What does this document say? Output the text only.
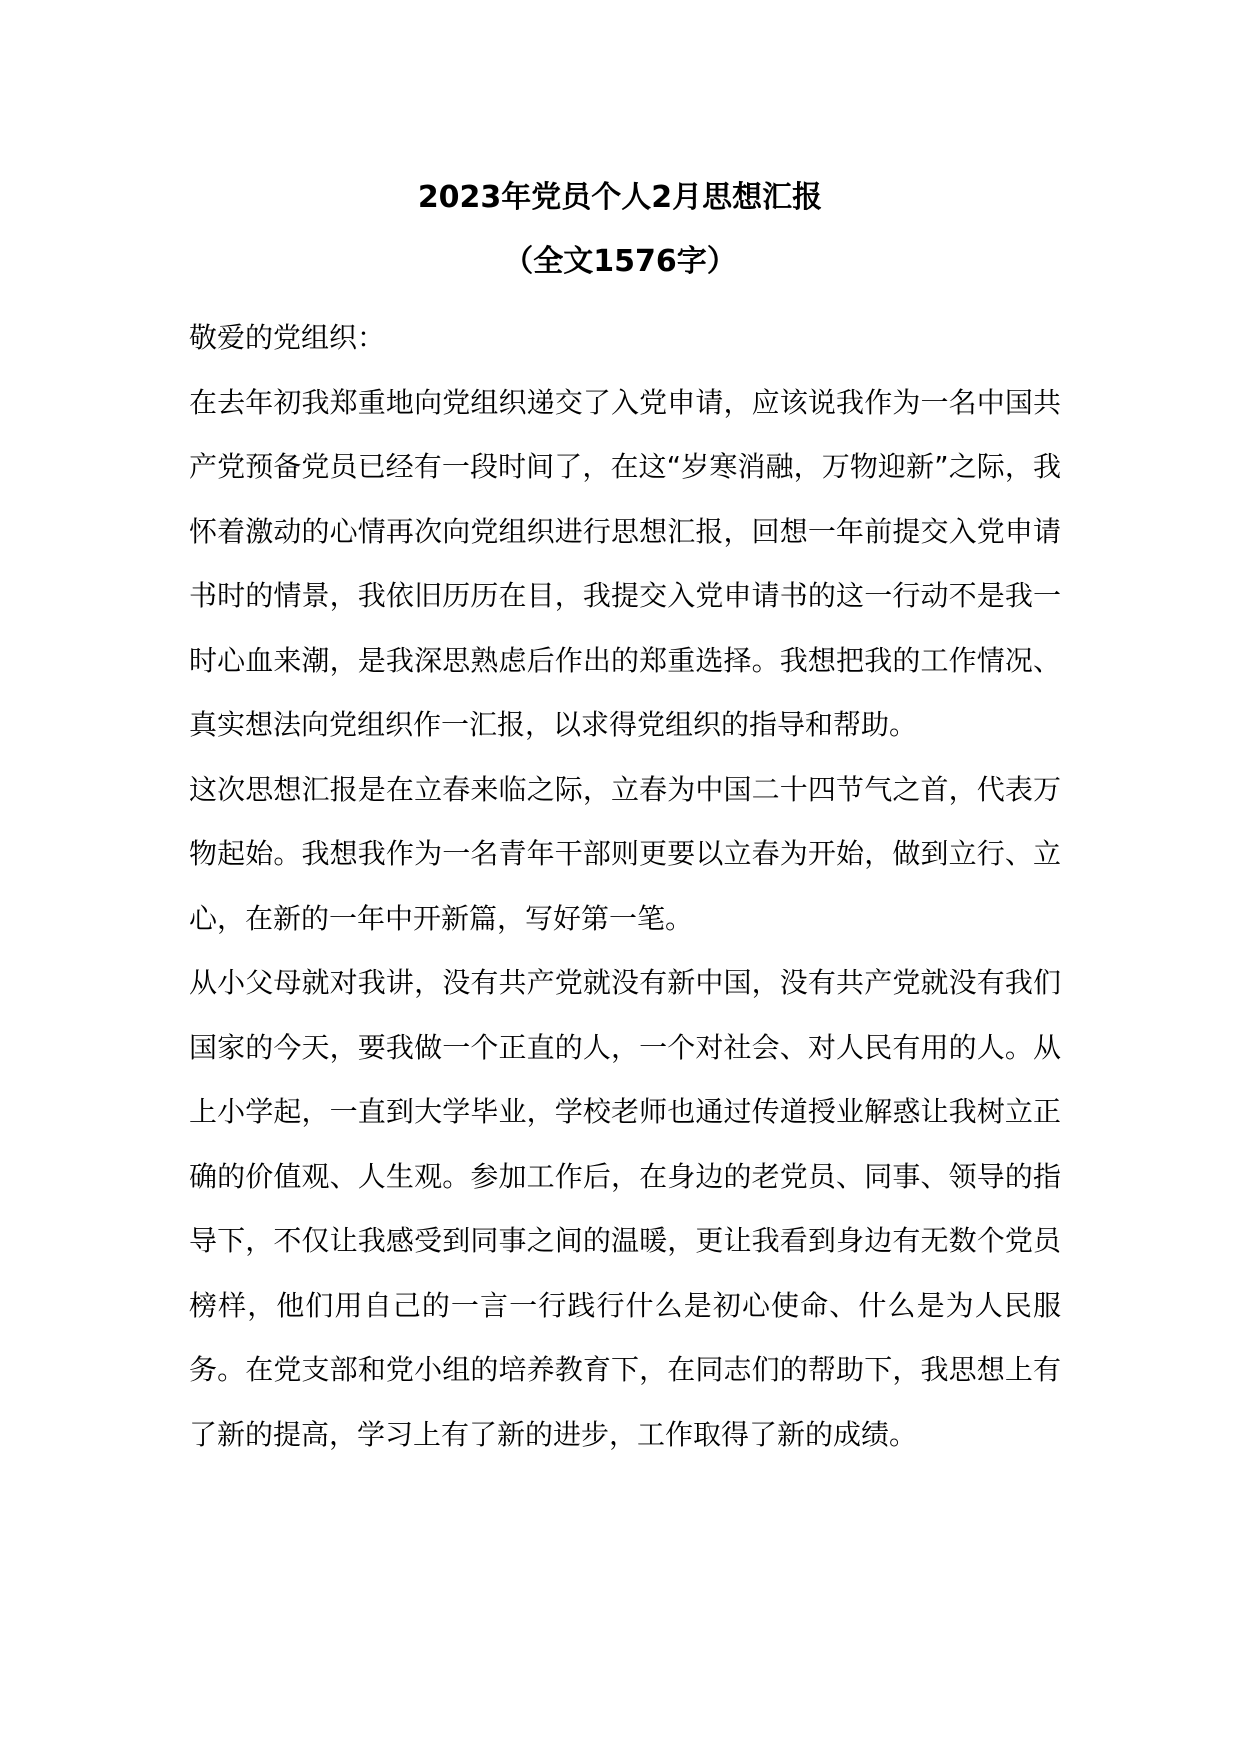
2023年党员个人2月思想汇报
（全文1576字）

敬爱的党组织：

在去年初我郑重地向党组织递交了入党申请，应该说我作为一名中国共产党预备党员已经有一段时间了，在这“岁寒消融，万物迎新”之际，我怀着激动的心情再次向党组织进行思想汇报，回想一年前提交入党申请书时的情景，我依旧历历在目，我提交入党申请书的这一行动不是我一时心血来潮，是我深思熟虑后作出的郑重选择。我想把我的工作情况、真实想法向党组织作一汇报，以求得党组织的指导和帮助。

这次思想汇报是在立春来临之际，立春为中国二十四节气之首，代表万物起始。我想我作为一名青年干部则更要以立春为开始，做到立行、立心，在新的一年中开新篇，写好第一笔。

从小父母就对我讲，没有共产党就没有新中国，没有共产党就没有我们国家的今天，要我做一个正直的人，一个对社会、对人民有用的人。从上小学起，一直到大学毕业，学校老师也通过传道授业解惑让我树立正确的价值观、人生观。参加工作后，在身边的老党员、同事、领导的指导下，不仅让我感受到同事之间的温暖，更让我看到身边有无数个党员榜样，他们用自己的一言一行践行什么是初心使命、什么是为人民服务。在党支部和党小组的培养教育下，在同志们的帮助下，我思想上有了新的提高，学习上有了新的进步，工作取得了新的成绩。
